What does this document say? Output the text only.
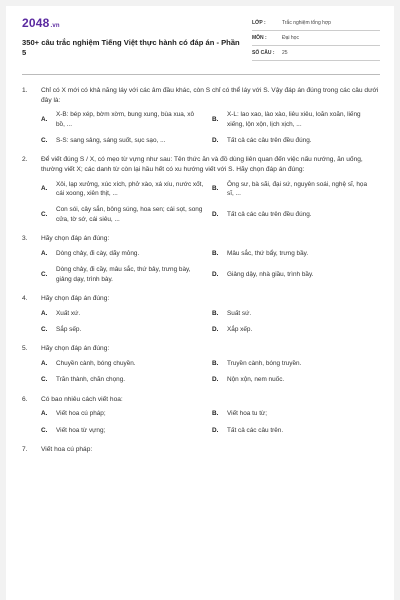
2048.vn
350+ câu trắc nghiệm Tiếng Việt thực hành có đáp án - Phần 5
LỚP :	Trắc nghiệm tổng hợp
MÔN :	Đại học
SỐ CÂU :	25
1.	Chỉ có X mới có khả năng láy với các âm đầu khác, còn S chỉ có thể láy với S. Vậy đáp án đúng trong các câu dưới đây là:
A.
X-B: bép xép, bờm xờm, bung xung, bùa xua, xô bồ, ...
B.
X-L: lao xao, lào xào, liêu xiêu, loăn xoăn, liếng xiếng, lộn xộn, lịch xịch, ...
C.	S-S: sang sảng, sáng suốt, sục sạo, ...	D.	Tất cả các câu trên đều đúng.
2.	Để viết đúng S / X, có mẹo từ vựng như sau: Tên thức ăn và đồ dùng liên quan đến việc nấu nướng, ăn uống, thường viết X; các danh từ còn lại hầu hết có xu hướng viết với S. Hãy chọn đáp án đúng:
A.
Xôi, lạp xưởng, xúc xích, phở xào, xá xíu, nước xốt, cái xoong, xiên thịt, ...
B.
Ông sư, bà sãi, đại sứ, nguyên soái, nghệ sĩ, họa sĩ, ...
C.
Con sói, cây sắn, bông súng, hoa sen; cái sọt, song cửa, tờ sớ, cái siêu, ...
D.	Tất cả các câu trên đều đúng.
3.	Hãy chọn đáp án đúng:
A.	Dòng chảy, đi cày, dãy mỏng.	B.	Mâu sắc, thứ bẩy, trưng bầy.
C.
Dòng chảy, đi cầy, mâu sắc, thứ bảy, trưng bày, giảng dạy, trình bày.
D.	Giảng dậy, nhà giầu, trình bầy.
4.	Hãy chọn đáp án đúng:
A.	Xuất xứ.	B.	Suất sứ.
C.	Sắp sếp.	D.	Xắp xếp.
5.	Hãy chọn đáp án đúng:
A.	Chuyền cành, bóng chuyền.	B.	Truyền cành, bóng truyền.
C.	Trăn thành, chăn chọng.	D.	Nộn xộn, nem nuốc.
6.	Có bao nhiêu cách viết hoa:
A.	Viết hoa cú pháp;	B.	Viết hoa tu từ;
C.	Viết hoa từ vựng;	D.	Tất cả các câu trên.
7.	Viết hoa cú pháp:
